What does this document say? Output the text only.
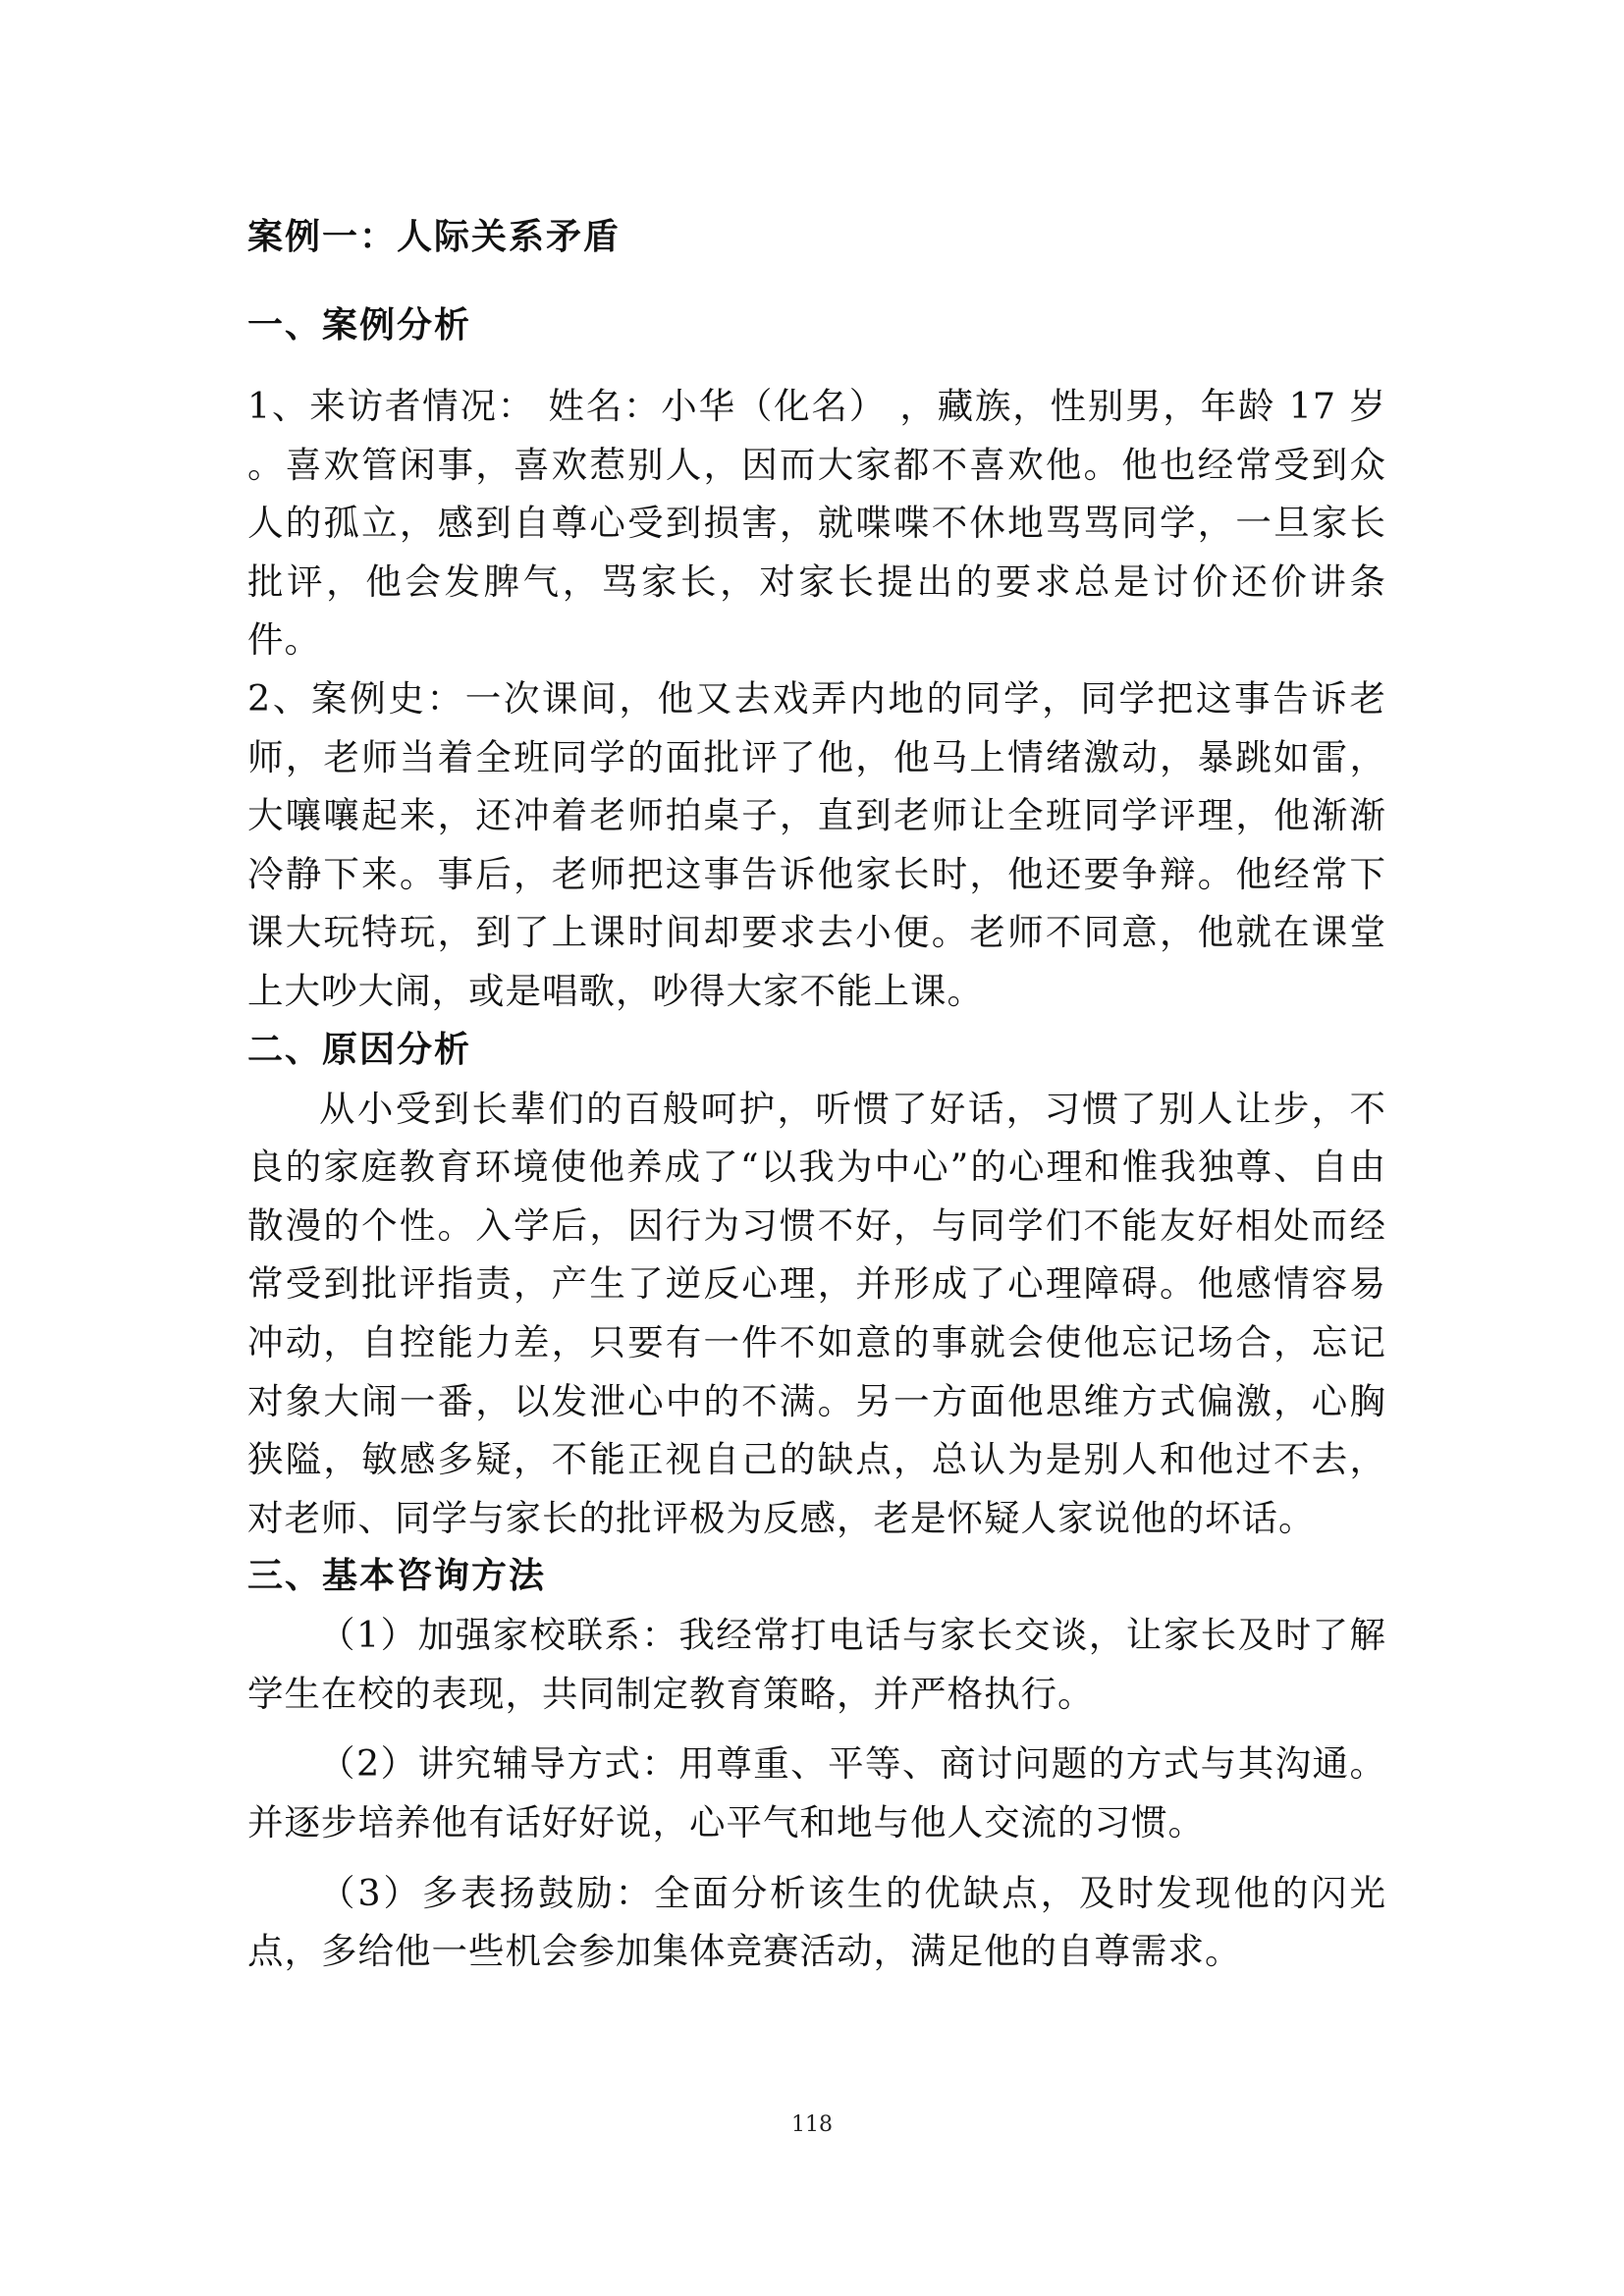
案例一：人际关系矛盾
一、案例分析

1、来访者情况： 姓名：小华（化名） ，藏族，性别男，年龄 17 岁 。喜欢管闲事，喜欢惹别人，因而大家都不喜欢他。他也经常受到众人的孤立，感到自尊心受到损害，就喋喋不休地骂骂同学，一旦家长批评，他会发脾气，骂家长，对家长提出的要求总是讨价还价讲条件。

2、案例史：一次课间，他又去戏弄内地的同学，同学把这事告诉老师，老师当着全班同学的面批评了他，他马上情绪激动，暴跳如雷，大嚷嚷起来，还冲着老师拍桌子，直到老师让全班同学评理，他渐渐冷静下来。事后，老师把这事告诉他家长时，他还要争辩。他经常下课大玩特玩，到了上课时间却要求去小便。老师不同意，他就在课堂上大吵大闹，或是唱歌，吵得大家不能上课。

二、原因分析

从小受到长辈们的百般呵护，听惯了好话，习惯了别人让步，不良的家庭教育环境使他养成了“以我为中心”的心理和惟我独尊、自由散漫的个性。入学后，因行为习惯不好，与同学们不能友好相处而经常受到批评指责，产生了逆反心理，并形成了心理障碍。他感情容易冲动，自控能力差，只要有一件不如意的事就会使他忘记场合，忘记对象大闹一番，以发泄心中的不满。另一方面他思维方式偏激，心胸狭隘，敏感多疑，不能正视自己的缺点，总认为是别人和他过不去，对老师、同学与家长的批评极为反感，老是怀疑人家说他的坏话。

三、基本咨询方法

（1）加强家校联系：我经常打电话与家长交谈，让家长及时了解学生在校的表现，共同制定教育策略，并严格执行。

（2）讲究辅导方式：用尊重、平等、商讨问题的方式与其沟通。并逐步培养他有话好好说，心平气和地与他人交流的习惯。

（3）多表扬鼓励：全面分析该生的优缺点，及时发现他的闪光点，多给他一些机会参加集体竞赛活动，满足他的自尊需求。

118
